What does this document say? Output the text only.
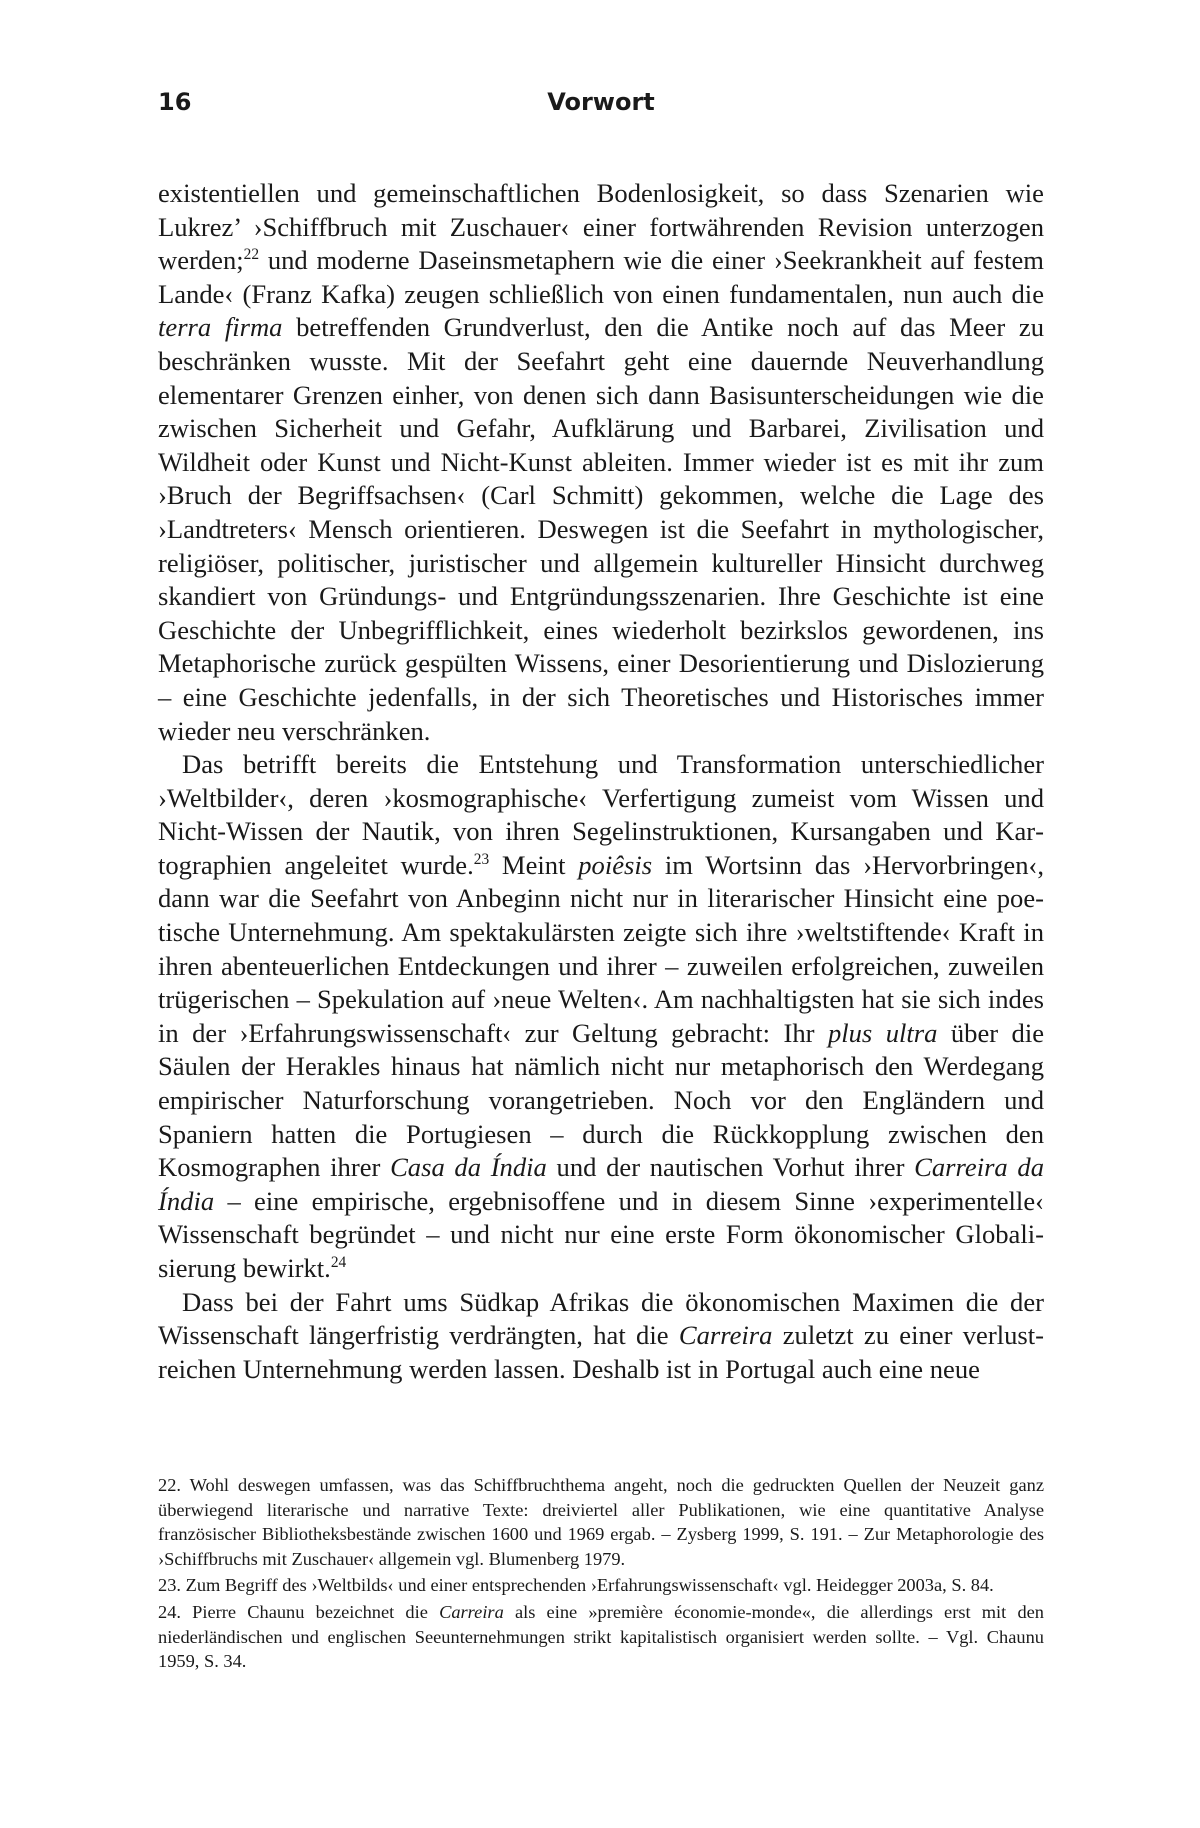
16	Vorwort

existentiellen und gemeinschaftlichen Bodenlosigkeit, so dass Szenarien wie Lukrez’ ›Schiffbruch mit Zuschauer‹ einer fortwährenden Revision unterzogen werden;$^{22}$ und moderne Daseinsmetaphern wie die einer ›Seekrankheit auf festem Lande‹ (Franz Kafka) zeugen schließlich von einen fundamentalen, nun auch die terra firma betreffenden Grundverlust, den die Antike noch auf das Meer zu beschränken wusste. Mit der Seefahrt geht eine dauernde Neuverhandlung elementarer Grenzen einher, von denen sich dann Basisunterscheidungen wie die zwischen Sicherheit und Gefahr, Aufklärung und Barbarei, Zivilisation und Wildheit oder Kunst und Nicht-Kunst ableiten. Immer wieder ist es mit ihr zum ›Bruch der Begriffsachsen‹ (Carl Schmitt) gekommen, welche die Lage des ›Landtreters‹ Mensch orientieren. Deswegen ist die Seefahrt in mythologischer, religiöser, politischer, juristischer und allgemein kultureller Hinsicht durchweg skandiert von Gründungs- und Entgründungsszenarien. Ihre Geschichte ist eine Geschichte der Unbegrifflichkeit, eines wiederholt bezirkslos gewordenen, ins Metaphorische zurück gespülten Wissens, einer Desorientierung und Dislozierung – eine Geschichte jedenfalls, in der sich Theoretisches und Historisches immer wieder neu verschränken.

Das betrifft bereits die Entstehung und Transformation unterschiedlicher ›Weltbilder‹, deren ›kosmographische‹ Verfertigung zumeist vom Wissen und Nicht-Wissen der Nautik, von ihren Segelinstruktionen, Kursangaben und Kartographien angeleitet wurde.$^{23}$ Meint poiêsis im Wortsinn das ›Hervorbringen‹, dann war die Seefahrt von Anbeginn nicht nur in literarischer Hinsicht eine poetische Unternehmung. Am spektakulärsten zeigte sich ihre ›weltstiftende‹ Kraft in ihren abenteuerlichen Entdeckungen und ihrer – zuweilen erfolgreichen, zuweilen trügerischen – Spekulation auf ›neue Welten‹. Am nachhaltigsten hat sie sich indes in der ›Erfahrungswissenschaft‹ zur Geltung gebracht: Ihr plus ultra über die Säulen der Herakles hinaus hat nämlich nicht nur metaphorisch den Werdegang empirischer Naturforschung vorangetrieben. Noch vor den Engländern und Spaniern hatten die Portugiesen – durch die Rückkopplung zwischen den Kosmographen ihrer Casa da Índia und der nautischen Vorhut ihrer Carreira da Índia – eine empirische, ergebnisoffene und in diesem Sinne ›experimentelle‹ Wissenschaft begründet – und nicht nur eine erste Form ökonomischer Globalisierung bewirkt.$^{24}$

Dass bei der Fahrt ums Südkap Afrikas die ökonomischen Maximen die der Wissenschaft längerfristig verdrängten, hat die Carreira zuletzt zu einer verlustreichen Unternehmung werden lassen. Deshalb ist in Portugal auch eine neue

22. Wohl deswegen umfassen, was das Schiffbruchthema angeht, noch die gedruckten Quellen der Neuzeit ganz überwiegend literarische und narrative Texte: dreiviertel aller Publikationen, wie eine quantitative Analyse französischer Bibliotheksbestände zwischen 1600 und 1969 ergab. – Zysberg 1999, S. 191. – Zur Metaphorologie des ›Schiffbruchs mit Zuschauer‹ allgemein vgl. Blumenberg 1979.

23. Zum Begriff des ›Weltbilds‹ und einer entsprechenden ›Erfahrungswissenschaft‹ vgl. Heidegger 2003a, S. 84.

24. Pierre Chaunu bezeichnet die Carreira als eine »première économie-monde«, die allerdings erst mit den niederländischen und englischen Seeunternehmungen strikt kapitalistisch organisiert werden sollte. – Vgl. Chaunu 1959, S. 34.
